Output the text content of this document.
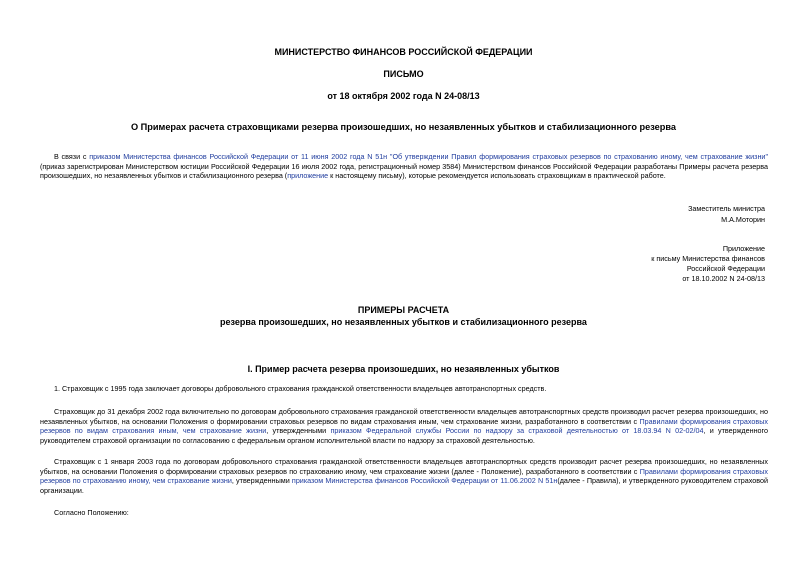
МИНИСТЕРСТВО ФИНАНСОВ РОССИЙСКОЙ ФЕДЕРАЦИИ
ПИСЬМО
от 18 октября 2002 года N 24-08/13
О Примерах расчета страховщиками резерва произошедших, но незаявленных убытков и стабилизационного резерва
В связи с приказом Министерства финансов Российской Федерации от 11 июня 2002 года N 51н "Об утверждении Правил формирования страховых резервов по страхованию иному, чем страхование жизни" (приказ зарегистрирован Министерством юстиции Российской Федерации 16 июля 2002 года, регистрационный номер 3584) Министерством финансов Российской Федерации разработаны Примеры расчета резерва произошедших, но незаявленных убытков и стабилизационного резерва (приложение к настоящему письму), которые рекомендуется использовать страховщикам в практической работе.
Заместитель министра
М.А.Моторин
Приложение
к письму Министерства финансов
Российской Федерации
от 18.10.2002 N 24-08/13
ПРИМЕРЫ РАСЧЕТА
резерва произошедших, но незаявленных убытков и стабилизационного резерва
I. Пример расчета резерва произошедших, но незаявленных убытков
1. Страховщик с 1995 года заключает договоры добровольного страхования гражданской ответственности владельцев автотранспортных средств.
Страховщик до 31 декабря 2002 года включительно по договорам добровольного страхования гражданской ответственности владельцев автотранспортных средств производил расчет резерва произошедших, но незаявленных убытков, на основании Положения о формировании страховых резервов по видам страхования иным, чем страхование жизни, разработанного в соответствии с Правилами формирования страховых резервов по видам страхования иным, чем страхование жизни, утвержденными приказом Федеральной службы России по надзору за страховой деятельностью от 18.03.94 N 02-02/04, и утвержденного руководителем страховой организации по согласованию с федеральным органом исполнительной власти по надзору за страховой деятельностью.
Страховщик с 1 января 2003 года по договорам добровольного страхования гражданской ответственности владельцев автотранспортных средств производит расчет резерва произошедших, но незаявленных убытков, на основании Положения о формировании страховых резервов по страхованию иному, чем страхование жизни (далее - Положение), разработанного в соответствии с Правилами формирования страховых резервов по страхованию иному, чем страхование жизни, утвержденными приказом Министерства финансов Российской Федерации от 11.06.2002 N 51н(далее - Правила), и утвержденного руководителем страховой организации.
Согласно Положению:
